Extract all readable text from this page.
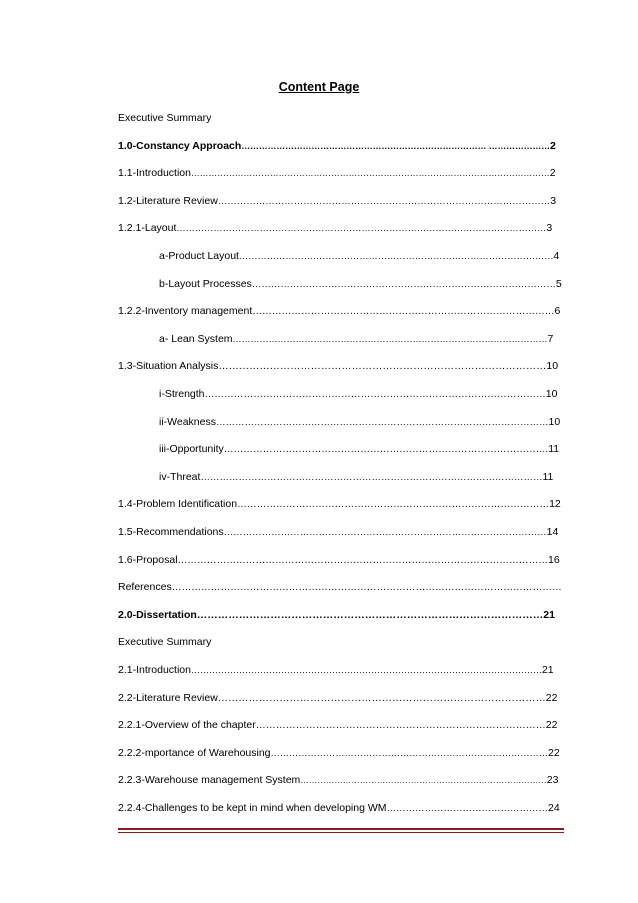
Content Page
Executive Summary
1.0-Constancy Approach………………………………………………………………………… …………………2
1.1-Introduction……………………………………………………………………………………………………………2
1.2-Literature Review……………………………………………………………………………………………3
1.2.1-Layout…………………………………………………………………………………………………………3
a-Product Layout…………………………………………………………………………………………4
b-Layout Processes……………………………………………………………………………………5
1.2.2-Inventory management…………………………………………………………………………………6
a- Lean System……………………………………………………………………………………………7
1.3-Situation Analysis……………………………………………………………………………………10
i-Strength……………………………………………………………………………………………10
ii-Weakness……………………………………………………………………………………………10
iii-Opportunity……………………………………………………………………………………….11
iv-Threat………………………………………………………………………………………………11
1.4-Problem Identification……………………………………………………………………………………12
1.5-Recommendations…………………………………………………………………………………………14
1.6-Proposal……………………………………………………………………………………………………16
References…………………………………………………………………………………………………………
2.0-Dissertation………………………………………………………………………………………21
Executive Summary
2.1-Introduction………………………………………………………………………………………………………21
2.2-Literature Review……………………………………………………………………………………22
2.2.1-Overview of the chapter……………………………………………………………………………22
2.2.2-mportance of Warehousing………………………………………………………………………………22
2.2.3-Warehouse management System……………………………………………………………………………23
2.2.4-Challenges to be kept in mind when developing WM……………………………………………24
